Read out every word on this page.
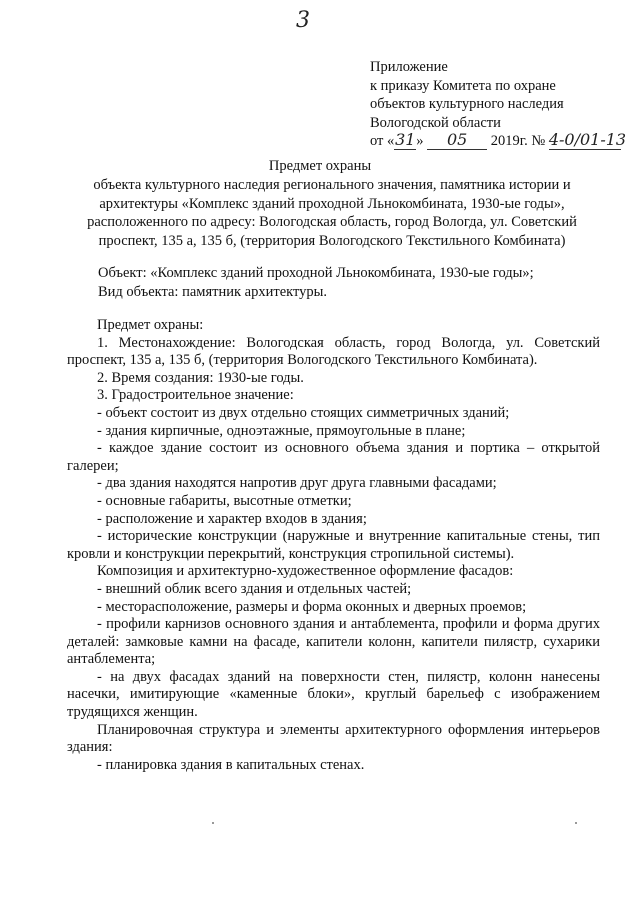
3
Приложение
к приказу Комитета по охране
объектов культурного наследия
Вологодской области
от «31» 05 2019г. № 4-0/01-13
Предмет охраны
объекта культурного наследия регионального значения, памятника истории и архитектуры «Комплекс зданий проходной Льнокомбината, 1930-ые годы», расположенного по адресу: Вологодская область, город Вологда, ул. Советский проспект, 135 а, 135 б, (территория Вологодского Текстильного Комбината)
Объект: «Комплекс зданий проходной Льнокомбината, 1930-ые годы»;
Вид объекта: памятник архитектуры.

Предмет охраны:

1. Местонахождение: Вологодская область, город Вологда, ул. Советский проспект, 135 а, 135 б, (территория Вологодского Текстильного Комбината).

2. Время создания: 1930-ые годы.

3. Градостроительное значение:

- объект состоит из двух отдельно стоящих симметричных зданий;

- здания кирпичные, одноэтажные, прямоугольные в плане;

- каждое здание состоит из основного объема здания и портика – открытой галереи;

- два здания находятся напротив друг друга главными фасадами;

- основные габариты, высотные отметки;

- расположение и характер входов в здания;

- исторические конструкции (наружные и внутренние капитальные стены, тип кровли и конструкции перекрытий, конструкция стропильной системы).

Композиция и архитектурно-художественное оформление фасадов:

- внешний облик всего здания и отдельных частей;

- месторасположение, размеры и форма оконных и дверных проемов;

- профили карнизов основного здания и антаблемента, профили и форма других деталей: замковые камни на фасаде, капители колонн, капители пилястр, сухарики антаблемента;

- на двух фасадах зданий на поверхности стен, пилястр, колонн нанесены насечки, имитирующие «каменные блоки», круглый барельеф с изображением трудящихся женщин.

Планировочная структура и элементы архитектурного оформления интерьеров здания:

- планировка здания в капитальных стенах.
